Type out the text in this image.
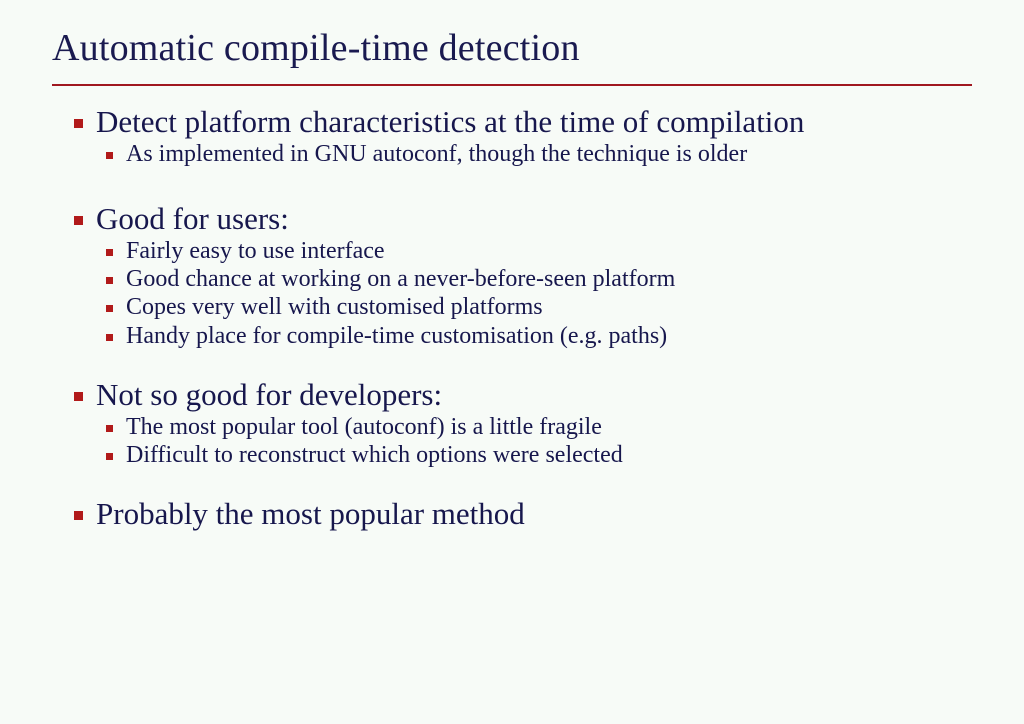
Automatic compile-time detection
Detect platform characteristics at the time of compilation
As implemented in GNU autoconf, though the technique is older
Good for users:
Fairly easy to use interface
Good chance at working on a never-before-seen platform
Copes very well with customised platforms
Handy place for compile-time customisation (e.g. paths)
Not so good for developers:
The most popular tool (autoconf) is a little fragile
Difficult to reconstruct which options were selected
Probably the most popular method
